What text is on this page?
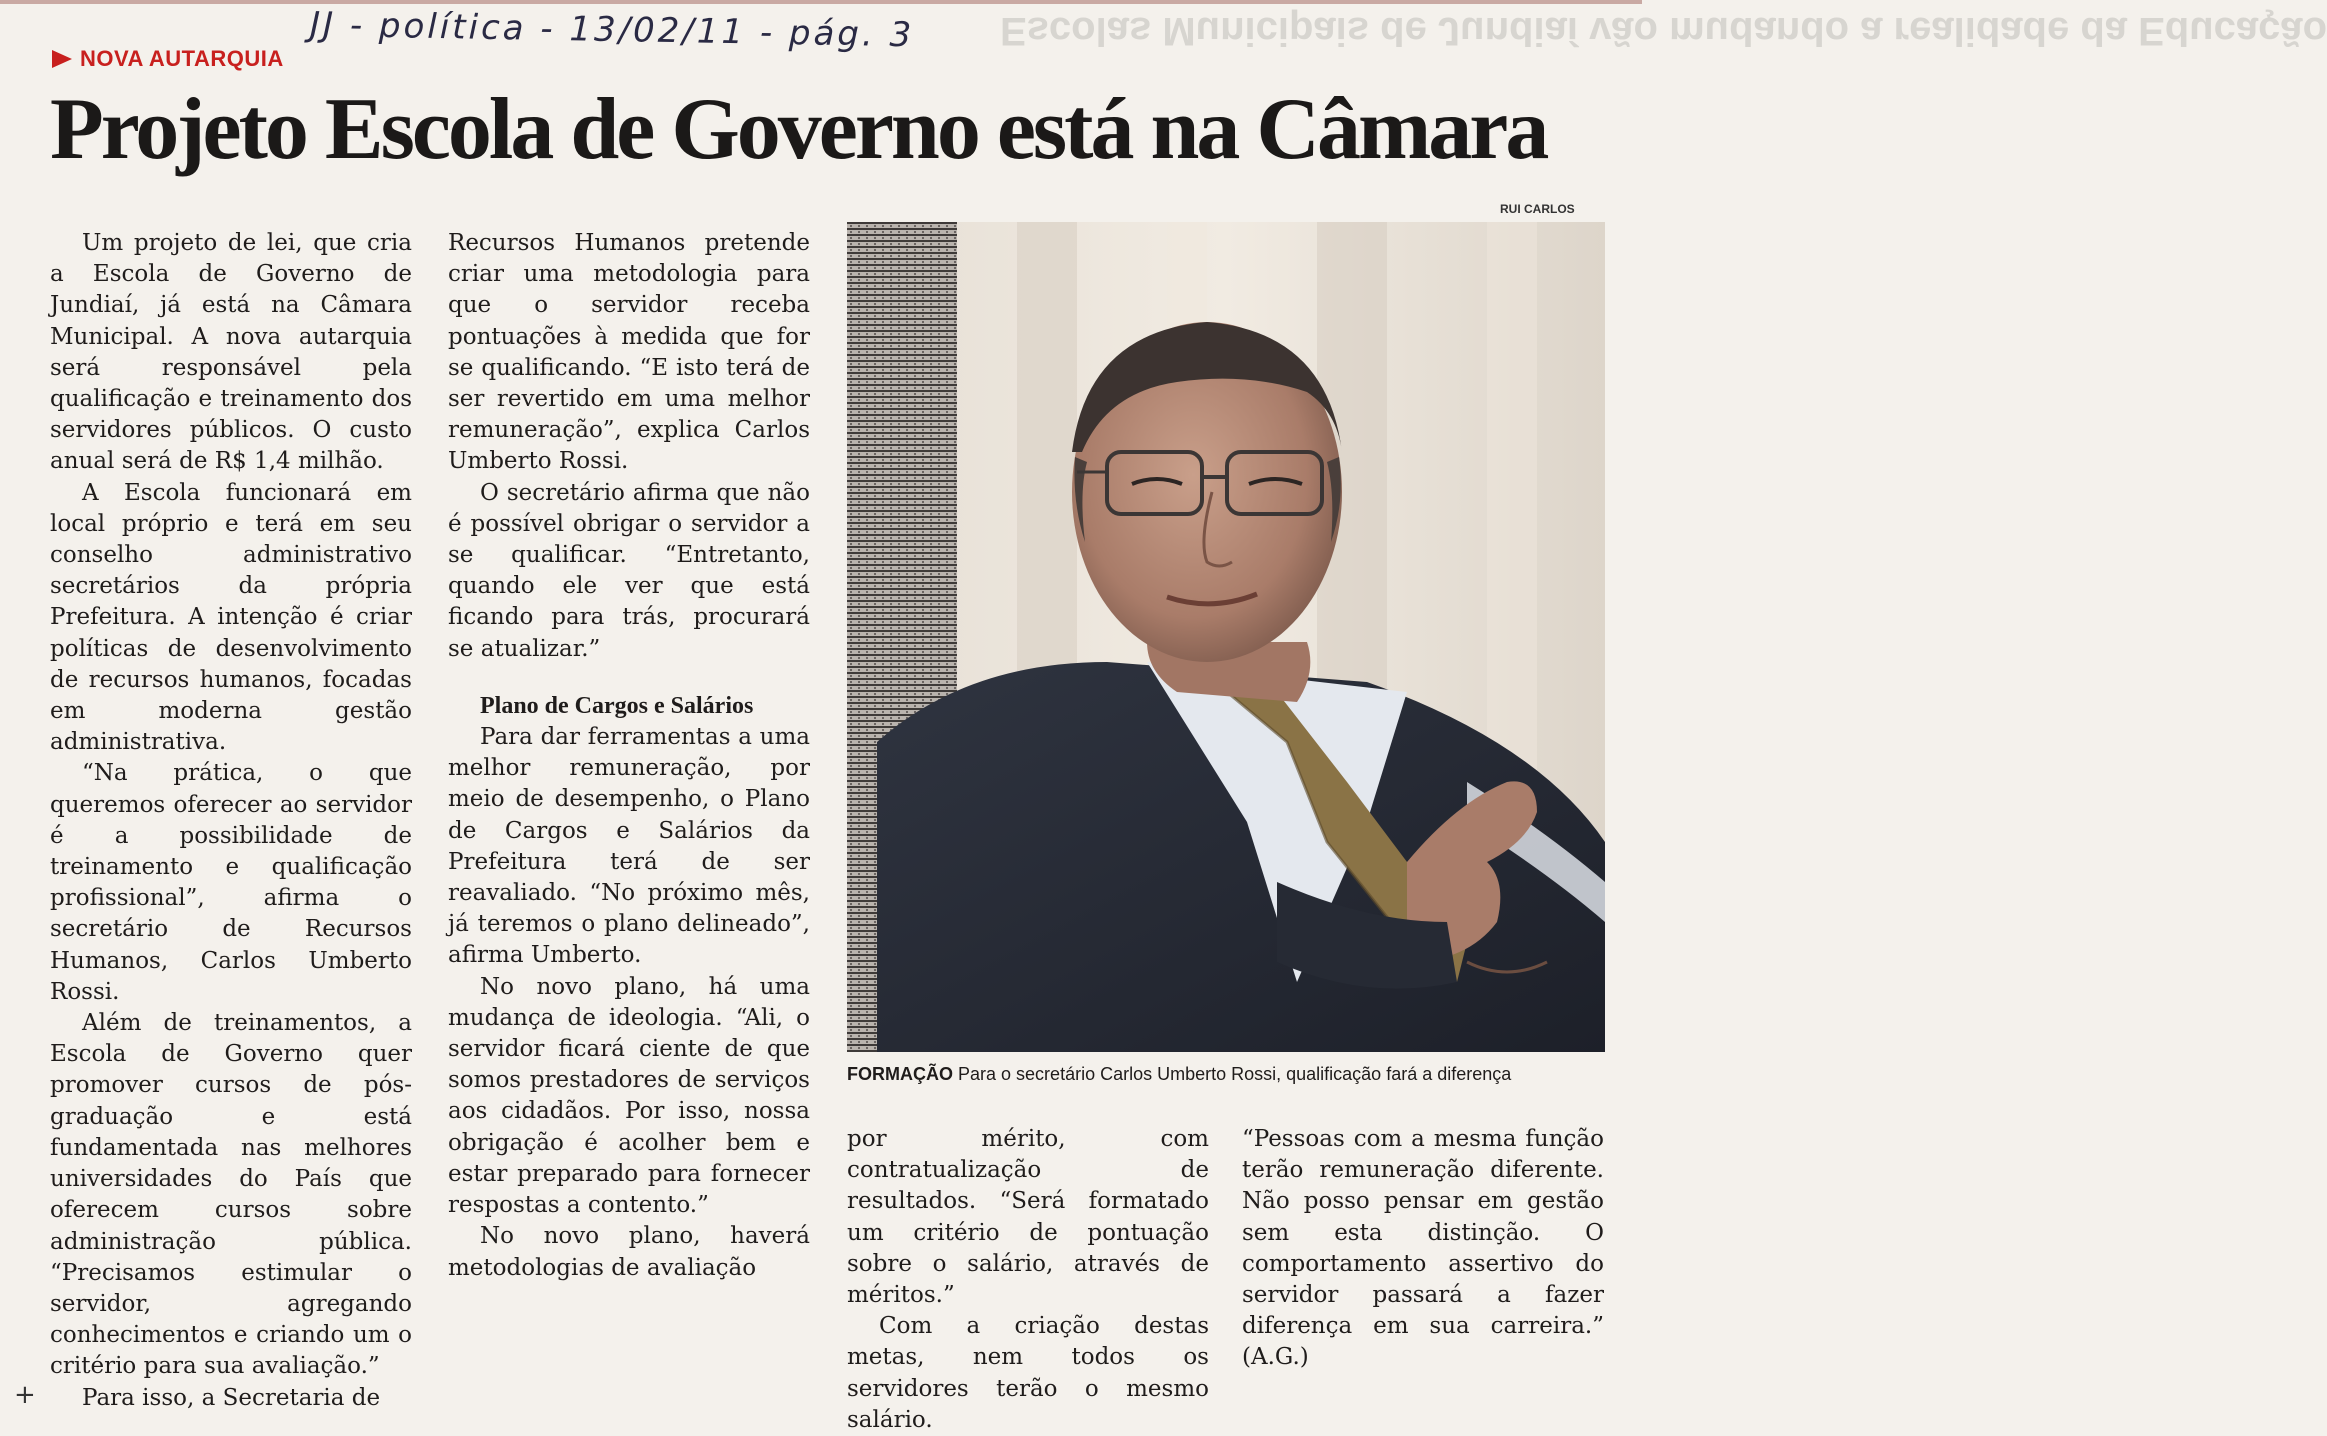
Escolas Municipais de Jundiaí vão mudando a realidade da Educação
JJ - política - 13/02/11 - pág. 3
NOVA AUTARQUIA
Projeto Escola de Governo está na Câmara
RUI CARLOS

Um projeto de lei, que cria a Escola de Governo de Jundiaí, já está na Câmara Municipal. A nova autarquia será responsável pela qualificação e treinamento dos servidores públicos. O custo anual será de R$ 1,4 milhão.

A Escola funcionará em local próprio e terá em seu conselho administrativo secretários da própria Prefeitura. A intenção é criar políticas de desenvolvimento de recursos humanos, focadas em moderna gestão administrativa.

“Na prática, o que queremos oferecer ao servidor é a possibilidade de treinamento e qualificação profissional”, afirma o secretário de Recursos Humanos, Carlos Umberto Rossi.

Além de treinamentos, a Escola de Governo quer promover cursos de pós-graduação e está fundamentada nas melhores universidades do País que oferecem cursos sobre administração pública. “Precisamos estimular o servidor, agregando conhecimentos e criando um o critério para sua avaliação.”

Para isso, a Secretaria de

Recursos Humanos pretende criar uma metodologia para que o servidor receba pontuações à medida que for se qualificando. “E isto terá de ser revertido em uma melhor remuneração”, explica Carlos Umberto Rossi.

O secretário afirma que não é possível obrigar o servidor a se qualificar. “Entretanto, quando ele ver que está ficando para trás, procurará se atualizar.”

Plano de Cargos e Salários

Para dar ferramentas a uma melhor remuneração, por meio de desempenho, o Plano de Cargos e Salários da Prefeitura terá de ser reavaliado. “No próximo mês, já teremos o plano delineado”, afirma Umberto.

No novo plano, há uma mudança de ideologia. “Ali, o servidor ficará ciente de que somos prestadores de serviços aos cidadãos. Por isso, nossa obrigação é acolher bem e estar preparado para fornecer respostas a contento.”

No novo plano, haverá metodologias de avaliação

FORMAÇÃO Para o secretário Carlos Umberto Rossi, qualificação fará a diferença

por mérito, com contratualização de resultados. “Será formatado um critério de pontuação sobre o salário, através de méritos.”

Com a criação destas metas, nem todos os servidores terão o mesmo salário.

“Pessoas com a mesma função terão remuneração diferente. Não posso pensar em gestão sem esta distinção. O comportamento assertivo do servidor passará a fazer diferença em sua carreira.” (A.G.)

+
